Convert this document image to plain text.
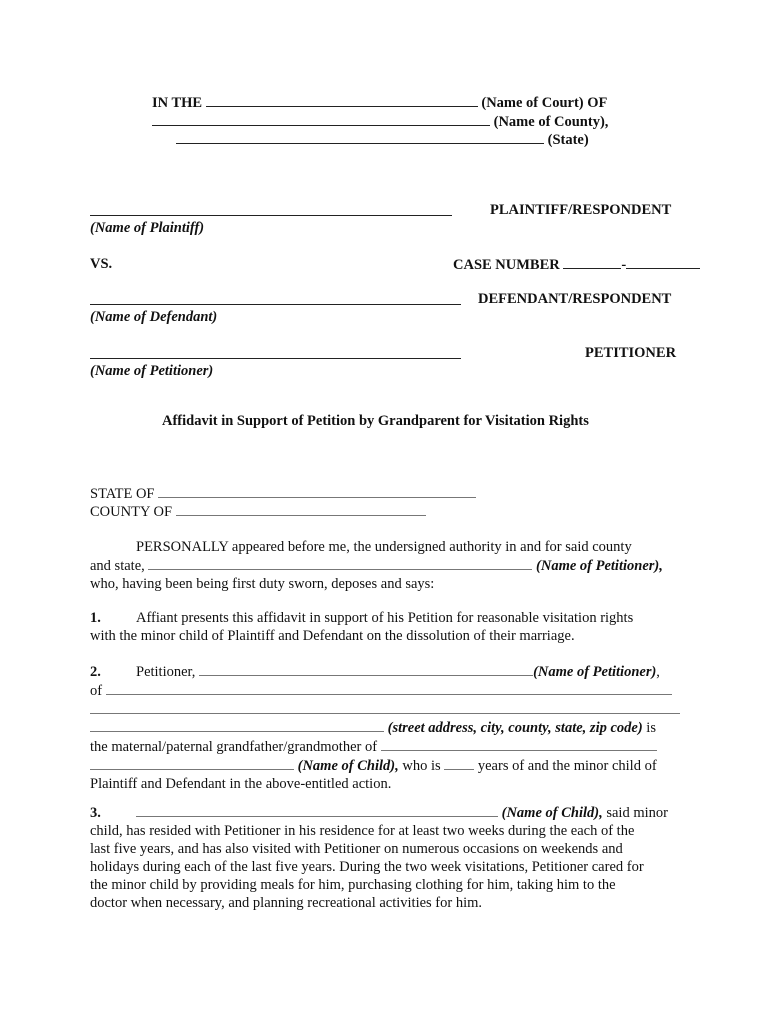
IN THE	(Name of Court) OF
(Name of County),
(State)
PLAINTIFF/RESPONDENT
(Name of Plaintiff)
VS.	CASE NUMBER	-
DEFENDANT/RESPONDENT
(Name of Defendant)
PETITIONER
(Name of Petitioner)
Affidavit in Support of Petition by Grandparent for Visitation Rights
STATE OF
COUNTY OF
PERSONALLY appeared before me, the undersigned authority in and for said county
and state,	(Name of Petitioner),
who, having been being first duty sworn, deposes and says:
1. Affiant presents this affidavit in support of his Petition for reasonable visitation rights
with the minor child of Plaintiff and Defendant on the dissolution of their marriage.
2. Petitioner,	(Name of Petitioner),
of
(street address, city, county, state, zip code) is
the maternal/paternal grandfather/grandmother of
(Name of Child), who is	years of and the minor child of
Plaintiff and Defendant in the above-entitled action.
3.	(Name of Child), said minor
child, has resided with Petitioner in his residence for at least two weeks during the each of the
last five years, and has also visited with Petitioner on numerous occasions on weekends and
holidays during each of the last five years. During the two week visitations, Petitioner cared for
the minor child by providing meals for him, purchasing clothing for him, taking him to the
doctor when necessary, and planning recreational activities for him.
